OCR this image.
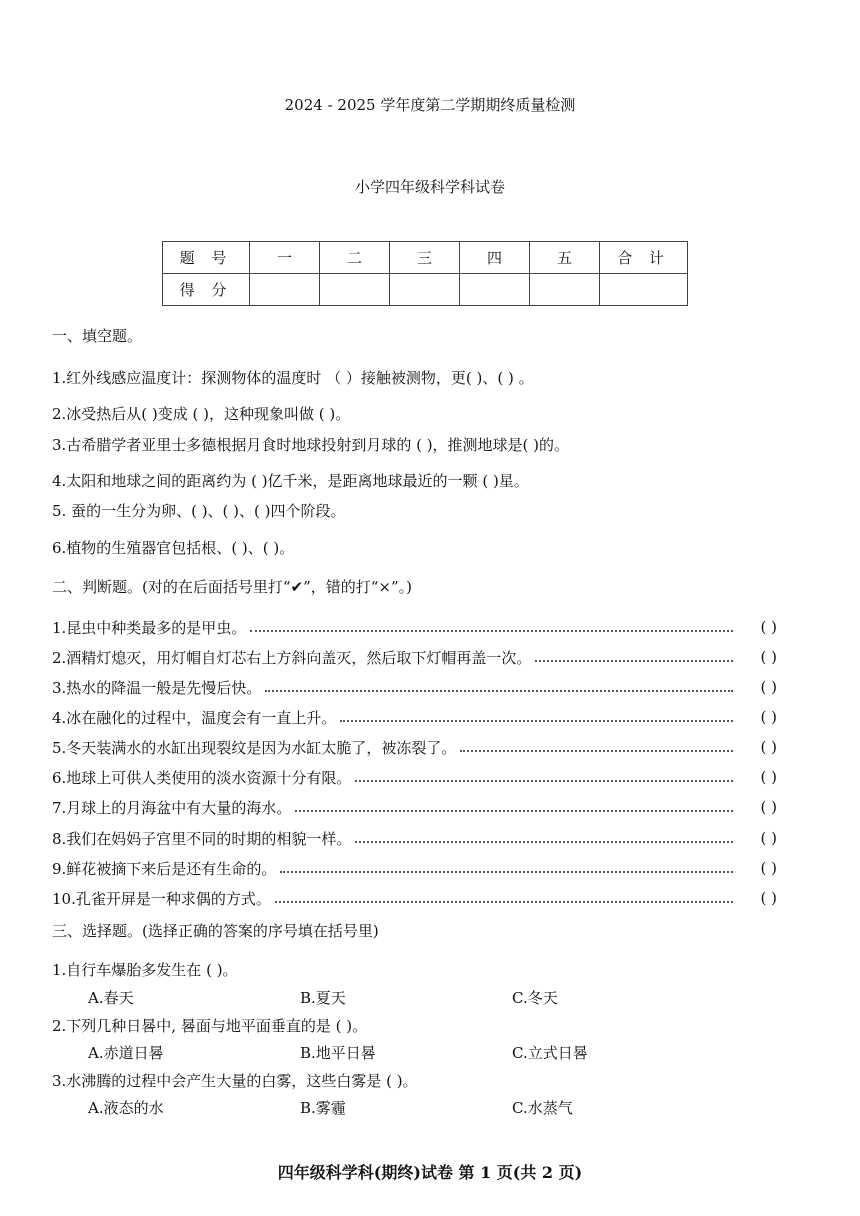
2024 - 2025 学年度第二学期期终质量检测
小学四年级科学科试卷
题 号	一	二	三	四	五	合 计
得 分						
一、填空题。
1.红外线感应温度计：探测物体的温度时 （ ）接触被测物，更( )、( ) 。
2.冰受热后从( )变成 ( )，这种现象叫做 ( )。
3.古希腊学者亚里士多德根据月食时地球投射到月球的 ( )，推测地球是( )的。
4.太阳和地球之间的距离约为 ( )亿千米，是距离地球最近的一颗 ( )星。
5. 蚕的一生分为卵、( )、( )、( )四个阶段。
6.植物的生殖器官包括根、( )、( )。
二、判断题。(对的在后面括号里打“✔”，错的打“×”。)
1.昆虫中种类最多的是甲虫。	( )
2.酒精灯熄灭，用灯帽自灯芯右上方斜向盖灭，然后取下灯帽再盖一次。	( )
3.热水的降温一般是先慢后快。	( )
4.冰在融化的过程中，温度会有一直上升。	( )
5.冬天装满水的水缸出现裂纹是因为水缸太脆了，被冻裂了。	( )
6.地球上可供人类使用的淡水资源十分有限。	( )
7.月球上的月海盆中有大量的海水。	( )
8.我们在妈妈子宫里不同的时期的相貌一样。	( )
9.鲜花被摘下来后是还有生命的。	( )
10.孔雀开屏是一种求偶的方式。	( )
三、选择题。(选择正确的答案的序号填在括号里)
1.自行车爆胎多发生在 ( )。
A.春天	B.夏天	C.冬天
2.下列几种日晷中, 晷面与地平面垂直的是 ( )。
A.赤道日晷	B.地平日晷	C.立式日晷
3.水沸腾的过程中会产生大量的白雾，这些白雾是 ( )。
A.液态的水	B.雾霾	C.水蒸气
四年级科学科(期终)试卷 第 1 页(共 2 页)
